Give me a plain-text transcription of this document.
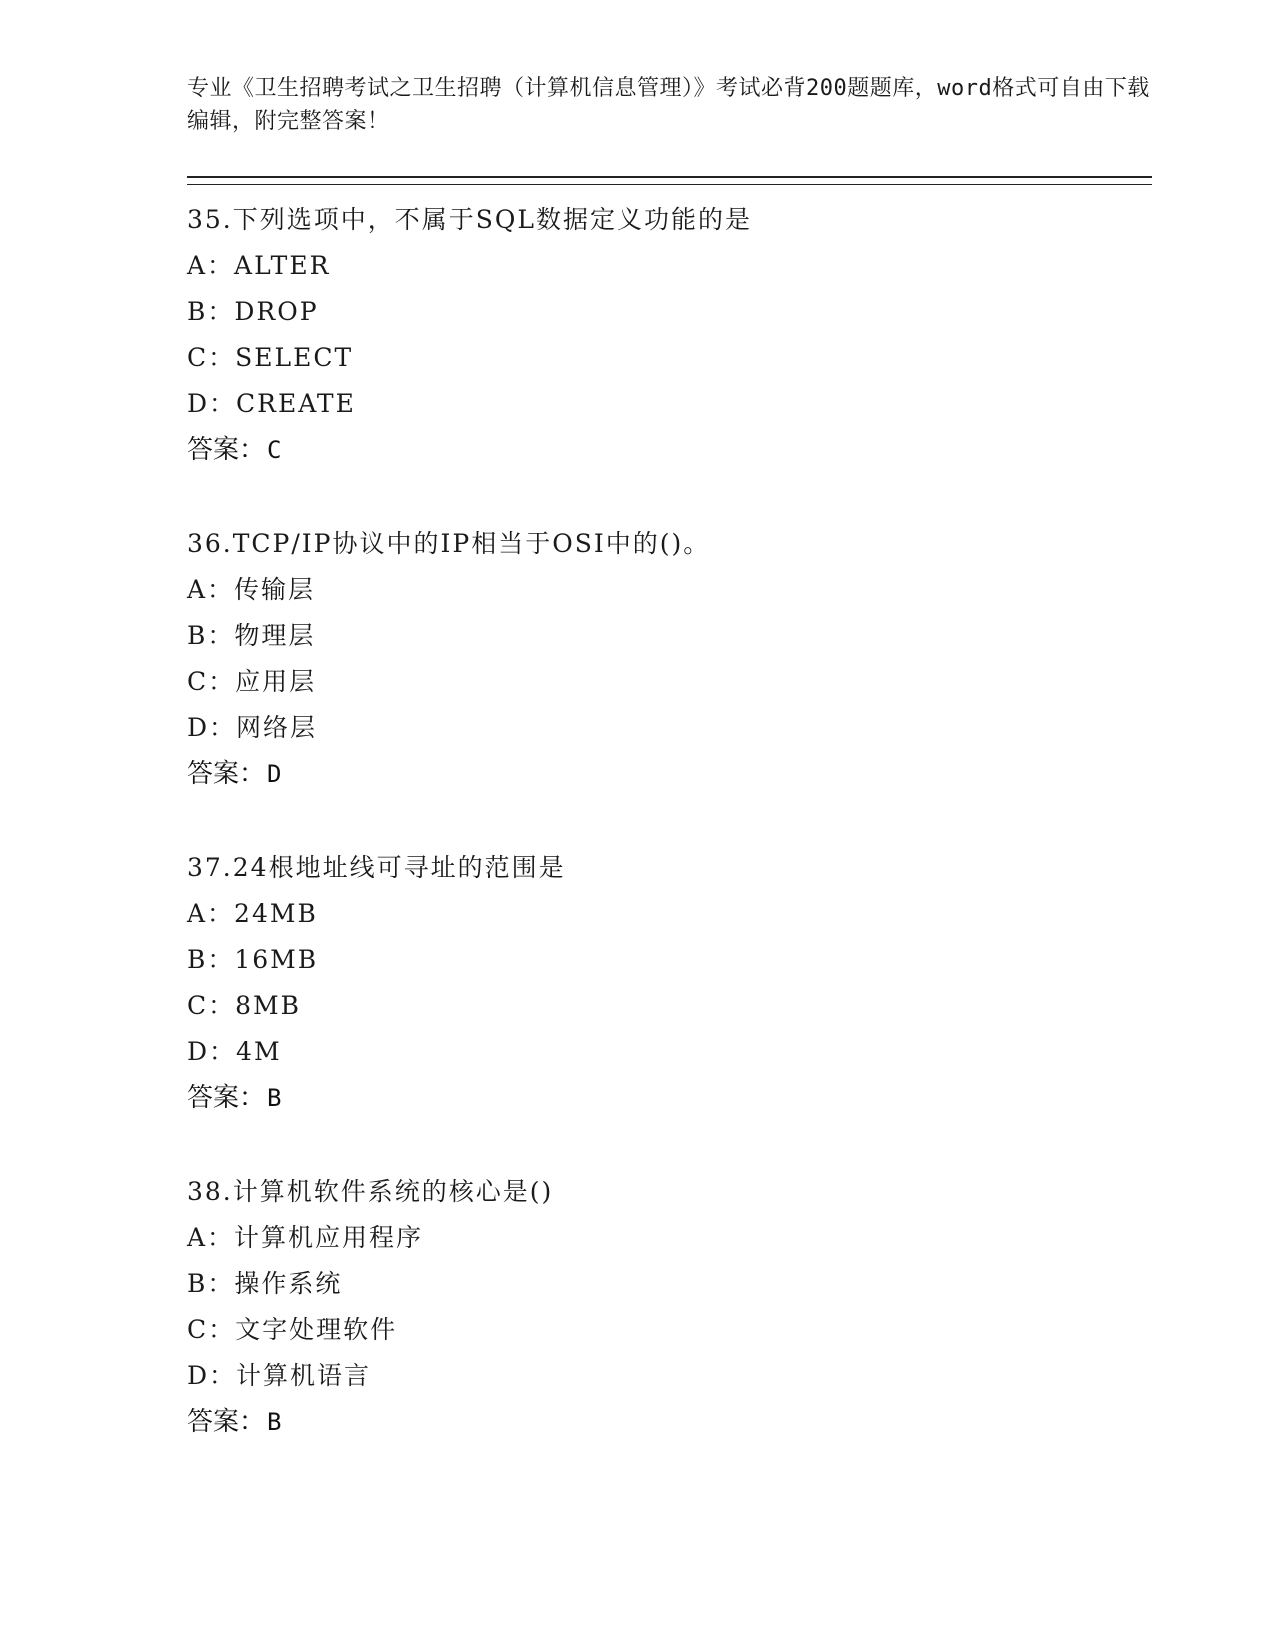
专业《卫生招聘考试之卫生招聘（计算机信息管理）》考试必背200题题库，word格式可自由下载编辑，附完整答案！

35.下列选项中，不属于SQL数据定义功能的是
A：ALTER
B：DROP
C：SELECT
D：CREATE
答案：C
36.TCP/IP协议中的IP相当于OSI中的()。
A：传输层
B：物理层
C：应用层
D：网络层
答案：D
37.24根地址线可寻址的范围是
A：24MB
B：16MB
C：8MB
D：4M
答案：B
38.计算机软件系统的核心是()
A：计算机应用程序
B：操作系统
C：文字处理软件
D：计算机语言
答案：B
